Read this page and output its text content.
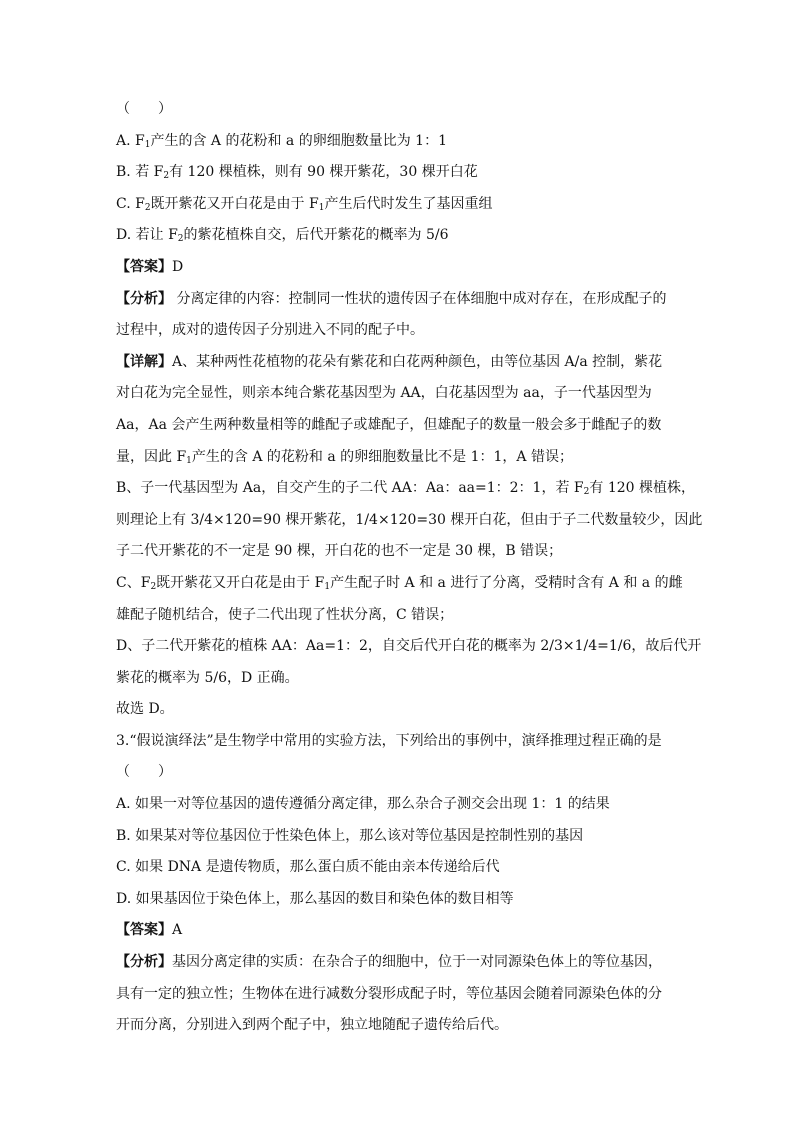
（　　）
A. $F_1$产生的含 A 的花粉和 a 的卵细胞数量比为 1：1
B. 若 $F_2$有 120 棵植株，则有 90 棵开紫花，30 棵开白花
C. $F_2$既开紫花又开白花是由于 $F_1$产生后代时发生了基因重组
D. 若让 $F_2$的紫花植株自交，后代开紫花的概率为 5/6
【答案】D
【分析】 分离定律的内容：控制同一性状的遗传因子在体细胞中成对存在，在形成配子的
过程中，成对的遗传因子分别进入不同的配子中。
【详解】A、某种两性花植物的花朵有紫花和白花两种颜色，由等位基因 A/a 控制，紫花
对白花为完全显性，则亲本纯合紫花基因型为 AA，白花基因型为 aa，子一代基因型为
Aa，Aa 会产生两种数量相等的雌配子或雄配子，但雄配子的数量一般会多于雌配子的数
量，因此 $F_1$产生的含 A 的花粉和 a 的卵细胞数量比不是 1：1，A 错误；
B、子一代基因型为 Aa，自交产生的子二代 AA：Aa：aa=1：2：1，若 $F_2$有 120 棵植株，
则理论上有 3/4×120=90 棵开紫花，1/4×120=30 棵开白花，但由于子二代数量较少，因此
子二代开紫花的不一定是 90 棵，开白花的也不一定是 30 棵，B 错误；
C、$F_2$既开紫花又开白花是由于 $F_1$产生配子时 A 和 a 进行了分离，受精时含有 A 和 a 的雌
雄配子随机结合，使子二代出现了性状分离，C 错误；
D、子二代开紫花的植株 AA：Aa=1：2，自交后代开白花的概率为 2/3×1/4=1/6，故后代开
紫花的概率为 5/6，D 正确。
故选 D。
3.“假说演绎法”是生物学中常用的实验方法，下列给出的事例中，演绎推理过程正确的是
（　　）
A. 如果一对等位基因的遗传遵循分离定律，那么杂合子测交会出现 1：1 的结果
B. 如果某对等位基因位于性染色体上，那么该对等位基因是控制性别的基因
C. 如果 DNA 是遗传物质，那么蛋白质不能由亲本传递给后代
D. 如果基因位于染色体上，那么基因的数目和染色体的数目相等
【答案】A
【分析】基因分离定律的实质：在杂合子的细胞中，位于一对同源染色体上的等位基因，
具有一定的独立性；生物体在进行减数分裂形成配子时，等位基因会随着同源染色体的分
开而分离，分别进入到两个配子中，独立地随配子遗传给后代。
